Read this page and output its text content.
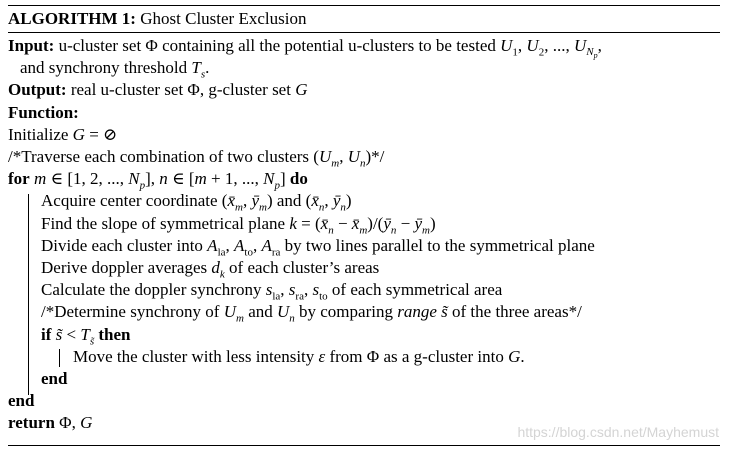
ALGORITHM 1: Ghost Cluster Exclusion
Input: u-cluster set Φ containing all the potential u-clusters to be tested $U_1$, $U_2$, ..., $U_{N_p}$,
and synchrony threshold $T_s$.
Output: real u-cluster set Φ, g-cluster set G
Function:
Initialize G = ⊘
/*Traverse each combination of two clusters ($U_m$, $U_n)*/$
for m ∈ [1, 2, ..., $N_p$], n ∈ [m + 1, ..., $N_p$] do
Acquire center coordinate ($x̄_m$, $ȳ_m$) and ($x̄_n$, $ȳ_n$)
Find the slope of symmetrical plane $k = (x̄_n$ − $x̄_m)/(ȳ_n$ − $ȳ_m$)
Divide each cluster into $A_{la}$, $A_{to}$, $A_{ra}$ by two lines parallel to the symmetrical plane
Derive doppler averages $d_k$ of each cluster’s areas
Calculate the doppler synchrony $s_{la}$, $s_{ra}$, $s_{to}$ of each symmetrical area
/*Determine synchrony of $U_m$ and $U_n$ by comparing range s̃ of the three areas*/
if s̃ < $T_{s̃}$ then
Move the cluster with less intensity ε from Φ as a g-cluster into G.
end
end
return Φ, G	https://blog.csdn.net/Mayhemust
